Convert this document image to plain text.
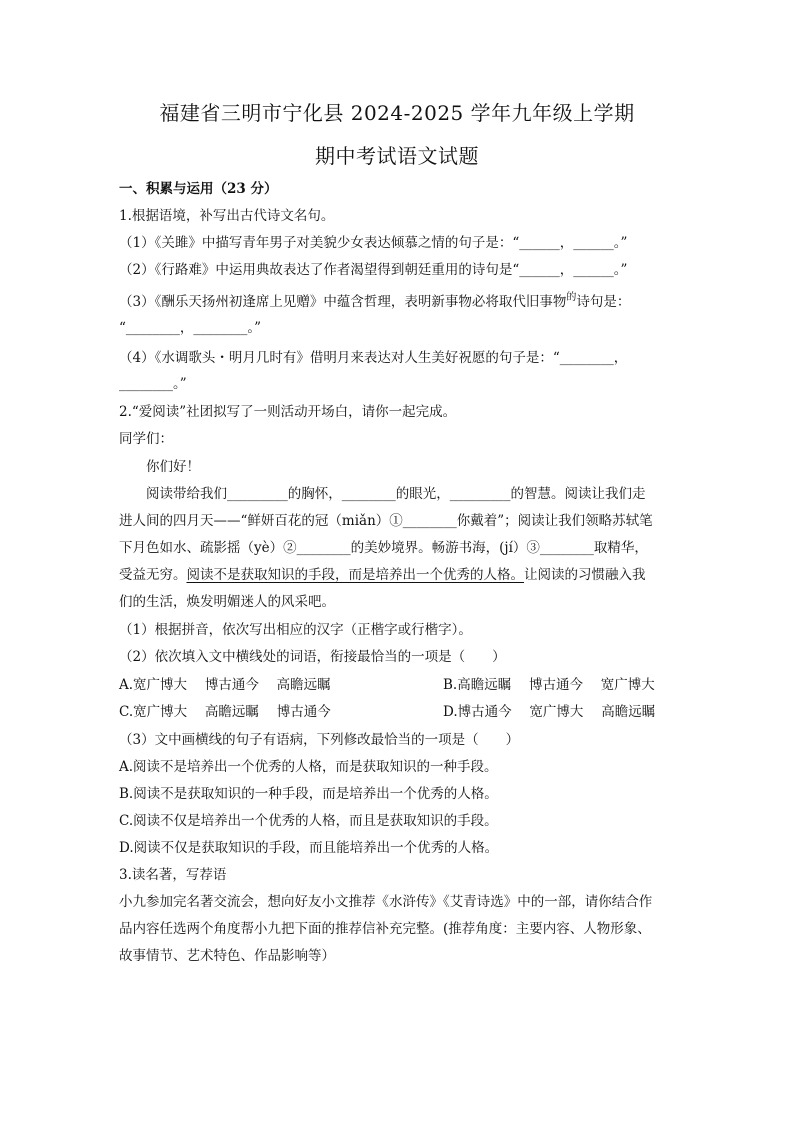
福建省三明市宁化县 2024-2025 学年九年级上学期
期中考试语文试题
一、积累与运用（23 分）
1.根据语境，补写出古代诗文名句。
（1）《关雎》中描写青年男子对美貌少女表达倾慕之情的句子是：“______，______。”
（2）《行路难》中运用典故表达了作者渴望得到朝廷重用的诗句是“______，______。”
（3）《酬乐天扬州初逢席上见赠》中蕴含哲理，表明新事物必将取代旧事物$^的$诗句是：
“________，________。”
（4）《水调歌头・明月几时有》借明月来表达对人生美好祝愿的句子是：“________，
________。”
2.“爱阅读”社团拟写了一则活动开场白，请你一起完成。
同学们：
你们好！
阅读带给我们_________的胸怀，________的眼光，_________的智慧。阅读让我们走
进人间的四月天——“鲜妍百花的冠（miǎn）①________你戴着”；阅读让我们领略苏轼笔
下月色如水、疏影摇（yè）②________的美妙境界。畅游书海，(jí）③________取精华，
受益无穷。阅读不是获取知识的手段，而是培养出一个优秀的人格。让阅读的习惯融入我
们的生活，焕发明媚迷人的风采吧。
（1）根据拼音，依次写出相应的汉字（正楷字或行楷字）。
（2）依次填入文中横线处的词语，衔接最恰当的一项是（　　）
A.宽广博大　 博古通今　 高瞻远瞩	B.高瞻远瞩　 博古通今　 宽广博大
C.宽广博大　 高瞻远瞩　 博古通今	D.博古通今　 宽广博大　 高瞻远瞩
（3）文中画横线的句子有语病，下列修改最恰当的一项是（　　）
A.阅读不是培养出一个优秀的人格，而是获取知识的一种手段。
B.阅读不是获取知识的一种手段，而是培养出一个优秀的人格。
C.阅读不仅是培养出一个优秀的人格，而且是获取知识的手段。
D.阅读不仅是获取知识的手段，而且能培养出一个优秀的人格。
3.读名著，写荐语
小九参加完名著交流会，想向好友小文推荐《水浒传》《艾青诗选》中的一部，请你结合作
品内容任选两个角度帮小九把下面的推荐信补充完整。(推荐角度：主要内容、人物形象、
故事情节、艺术特色、作品影响等）
